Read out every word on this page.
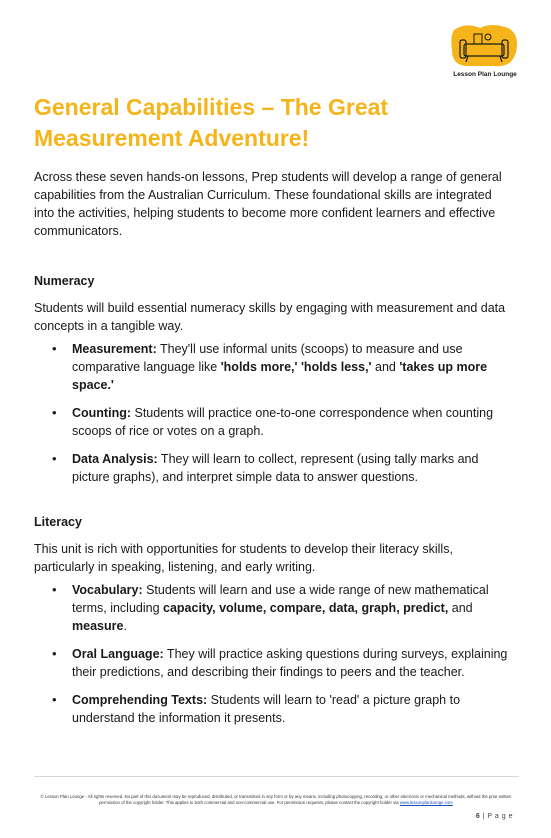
Lesson Plan Lounge
General Capabilities – The Great Measurement Adventure!

Across these seven hands-on lessons, Prep students will develop a range of general capabilities from the Australian Curriculum. These foundational skills are integrated into the activities, helping students to become more confident learners and effective communicators.

Numeracy

Students will build essential numeracy skills by engaging with measurement and data concepts in a tangible way.

• Measurement: They'll use informal units (scoops) to measure and use comparative language like 'holds more,' 'holds less,' and 'takes up more space.'
• Counting: Students will practice one-to-one correspondence when counting scoops of rice or votes on a graph.
• Data Analysis: They will learn to collect, represent (using tally marks and picture graphs), and interpret simple data to answer questions.
Literacy

This unit is rich with opportunities for students to develop their literacy skills, particularly in speaking, listening, and early writing.

• Vocabulary: Students will learn and use a wide range of new mathematical terms, including capacity, volume, compare, data, graph, predict, and measure.
• Oral Language: They will practice asking questions during surveys, explaining their predictions, and describing their findings to peers and the teacher.
• Comprehending Texts: Students will learn to 'read' a picture graph to understand the information it presents.
© Lesson Plan Lounge - All rights reserved. No part of this document may be reproduced, distributed, or transmitted in any form or by any means, including photocopying, recording, or other electronic or mechanical methods, without the prior written permission of the copyright holder. This applies to both commercial and non-commercial use. For permission requests, please contact the copyright holder via www.lessonplanlounge.com
6 | P a g e
